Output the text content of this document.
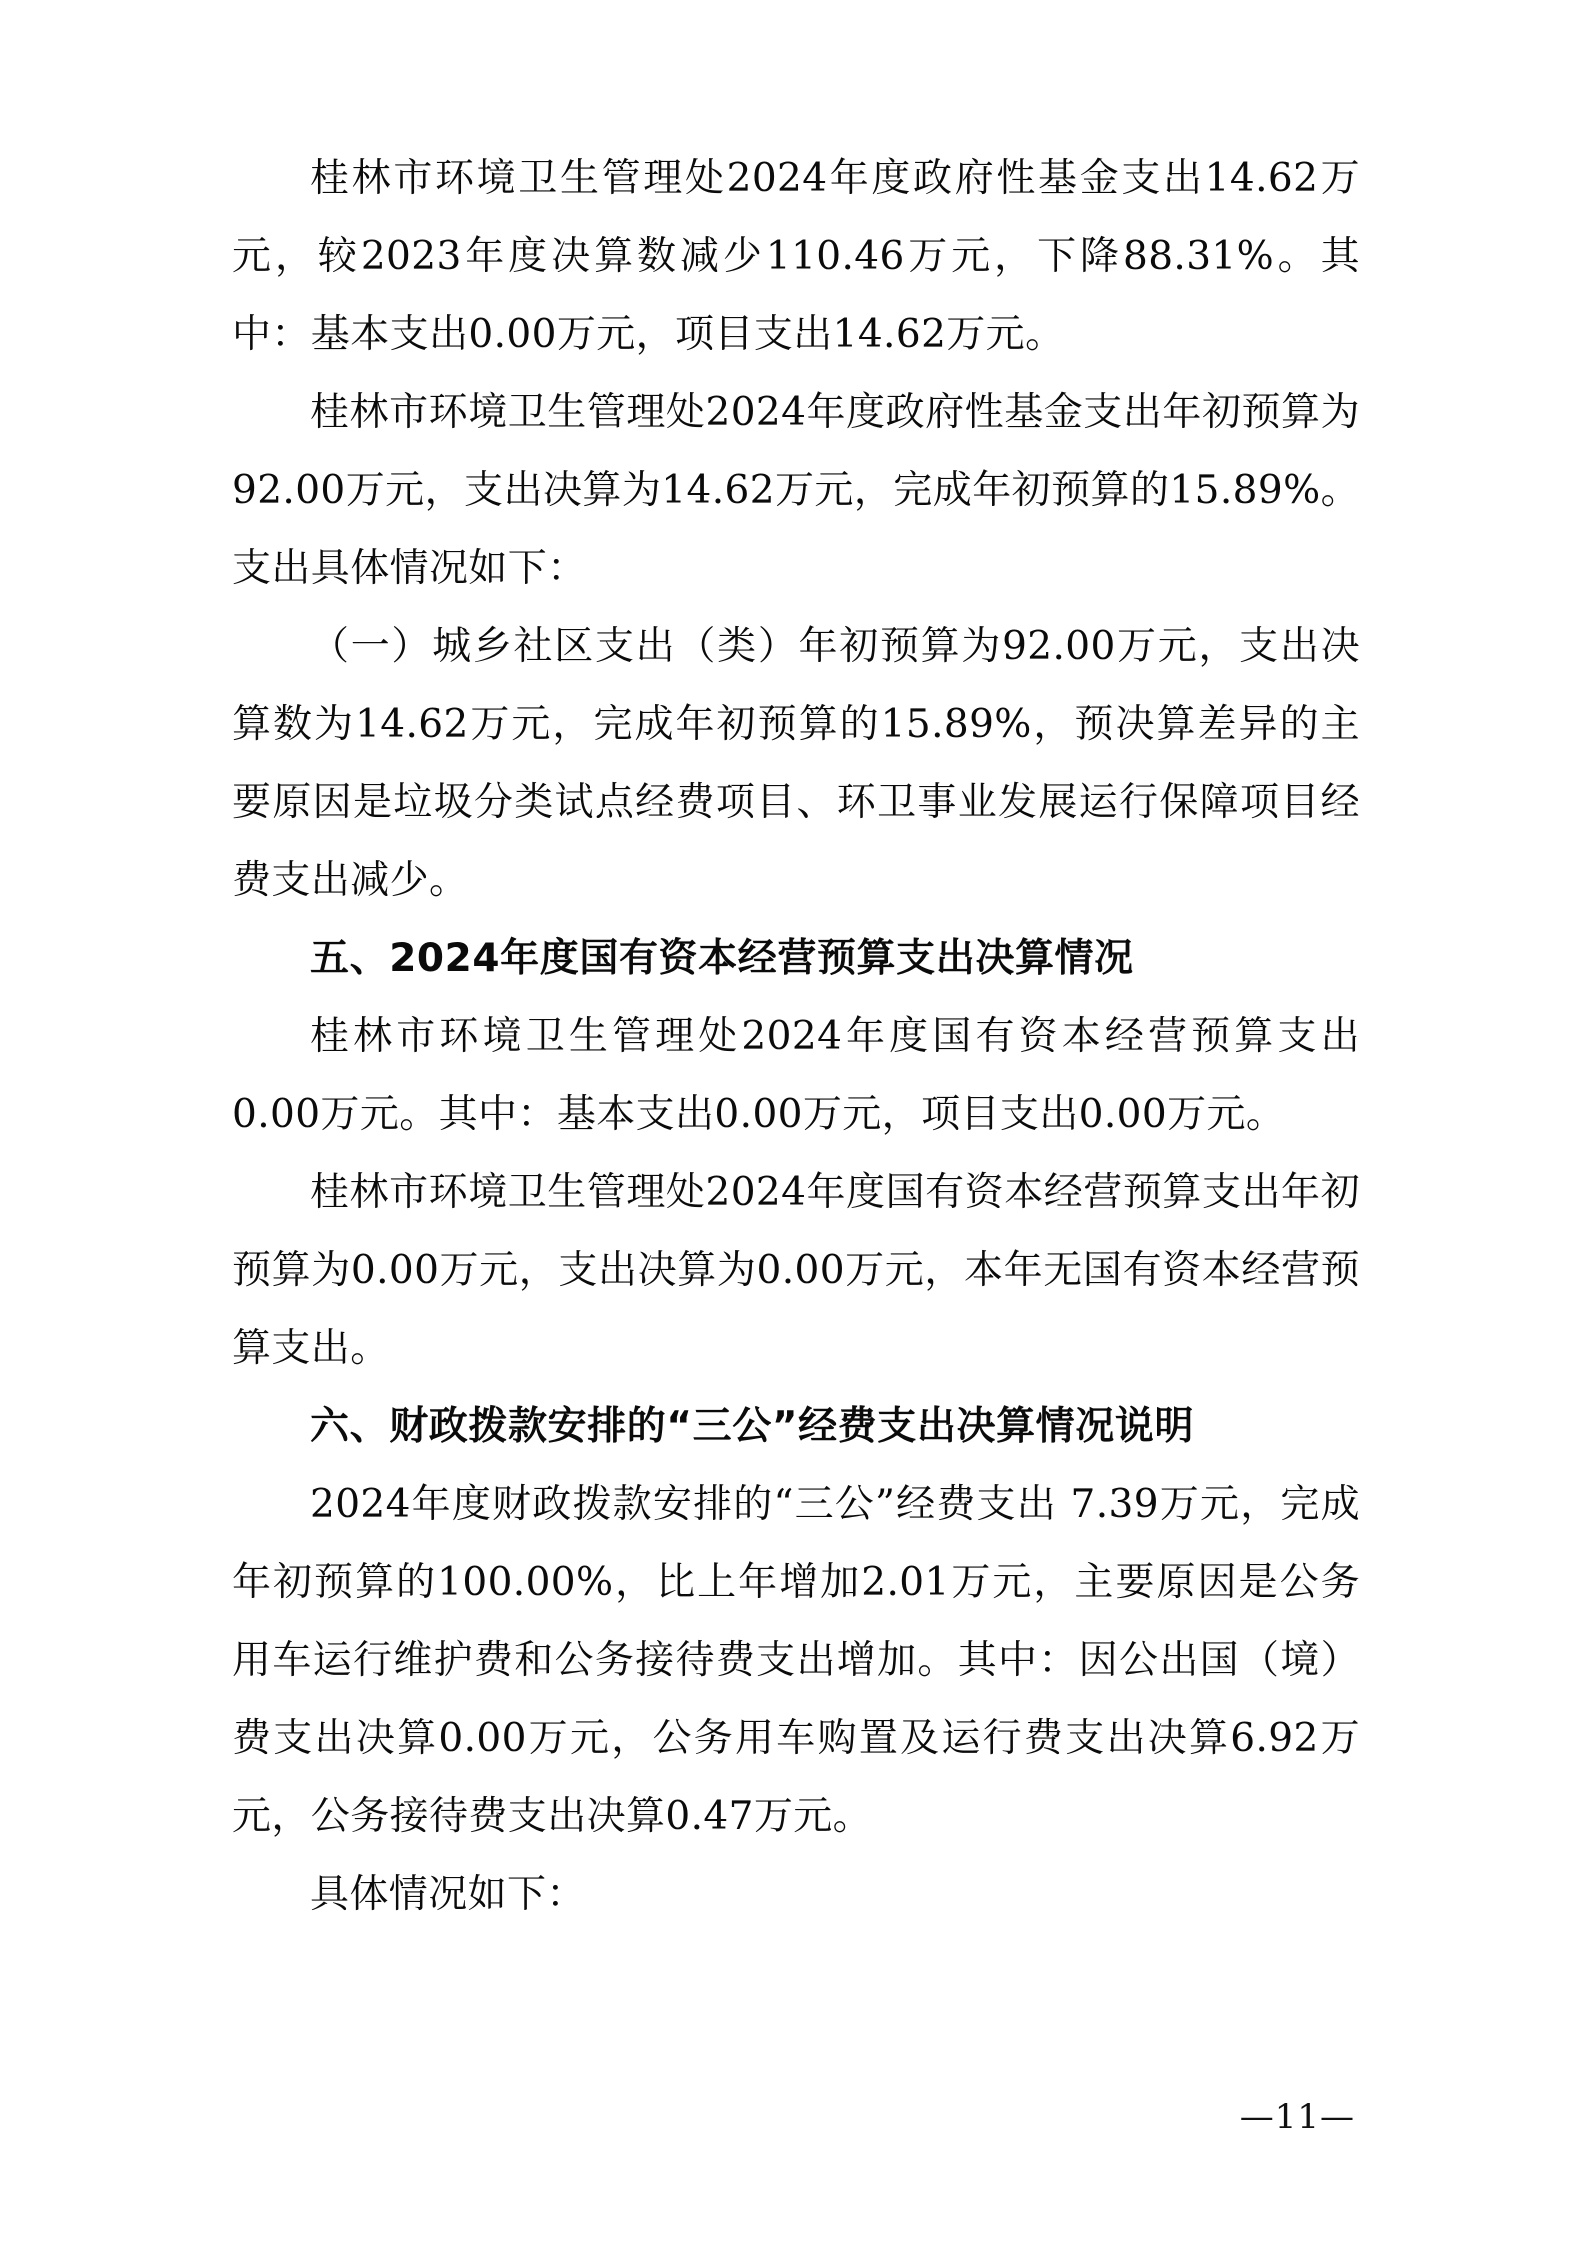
桂林市环境卫生管理处2024年度政府性基金支出14.62万元，较2023年度决算数减少110.46万元，下降88.31%。其中：基本支出0.00万元，项目支出14.62万元。

桂林市环境卫生管理处2024年度政府性基金支出年初预算为92.00万元，支出决算为14.62万元，完成年初预算的15.89%。支出具体情况如下：

（一）城乡社区支出（类）年初预算为92.00万元，支出决算数为14.62万元，完成年初预算的15.89%，预决算差异的主要原因是垃圾分类试点经费项目、环卫事业发展运行保障项目经费支出减少。

五、2024年度国有资本经营预算支出决算情况

桂林市环境卫生管理处2024年度国有资本经营预算支出0.00万元。其中：基本支出0.00万元，项目支出0.00万元。

桂林市环境卫生管理处2024年度国有资本经营预算支出年初预算为0.00万元，支出决算为0.00万元，本年无国有资本经营预算支出。

六、财政拨款安排的“三公”经费支出决算情况说明

2024年度财政拨款安排的“三公”经费支出 7.39万元，完成年初预算的100.00%，比上年增加2.01万元，主要原因是公务用车运行维护费和公务接待费支出增加。其中：因公出国（境）费支出决算0.00万元，公务用车购置及运行费支出决算6.92万元，公务接待费支出决算0.47万元。

具体情况如下：

—11—
